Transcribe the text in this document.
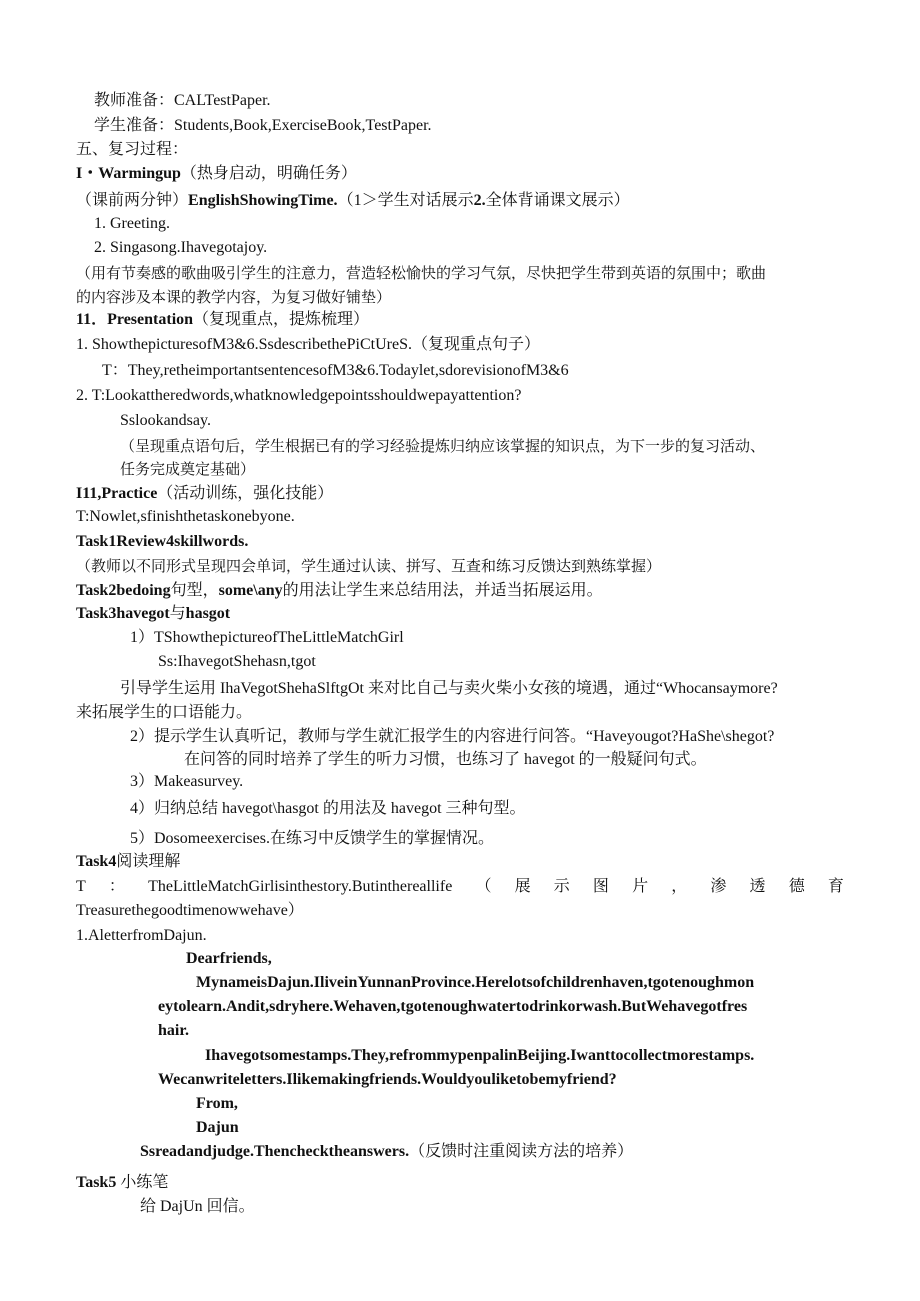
教师准备：CALTestPaper.
学生准备：Students,Book,ExerciseBook,TestPaper.
五、复习过程：
I・Warmingup（热身启动，明确任务）
（课前两分钟）EnglishShowingTime.（1＞学生对话展示2.全体背诵课文展示）
1. Greeting.
2. Singasong.Ihavegotajoy.
（用有节奏感的歌曲吸引学生的注意力，营造轻松愉快的学习气氛，尽快把学生带到英语的氛围中；歌曲
的内容涉及本课的教学内容，为复习做好铺垫）
11．Presentation（复现重点，提炼梳理）
1. ShowthepicturesofM3&6.SsdescribethePiCtUreS.（复现重点句子）
T：They,retheimportantsentencesofM3&6.Todaylet,sdorevisionofM3&6
2. T:Lookattheredwords,whatknowledgepointsshouldwepayattention?
Sslookandsay.
（呈现重点语句后，学生根据已有的学习经验提炼归纳应该掌握的知识点，为下一步的复习活动、
任务完成奠定基础）
I11,Practice（活动训练，强化技能）
T:Nowlet,sfinishthetaskonebyone.
Task1Review4skillwords.
（教师以不同形式呈现四会单词，学生通过认读、拼写、互查和练习反馈达到熟练掌握）
Task2bedoing句型，some\any的用法让学生来总结用法，并适当拓展运用。
Task3havegot与hasgot
1）TShowthepictureofTheLittleMatchGirl
Ss:IhavegotShehasn,tgot
引导学生运用 IhaVegotShehaSlftgOt 来对比自己与卖火柴小女孩的境遇，通过“Whocansaymore?
来拓展学生的口语能力。
2）提示学生认真听记，教师与学生就汇报学生的内容进行问答。“Haveyougot?HaShe\shegot?
在问答的同时培养了学生的听力习惯，也练习了 havegot 的一般疑问句式。
3）Makeasurvey.
4）归纳总结 havegot\hasgot 的用法及 havegot 三种句型。
5）Dosomeexercises.在练习中反馈学生的掌握情况。
Task4阅读理解
T ： TheLittleMatchGirlisinthestory.Butinthereallife （ 展 示 图 片 ， 渗 透 德 育
Treasurethegoodtimenowwehave）
1.AletterfromDajun.
Dearfriends,
MynameisDajun.IliveinYunnanProvince.Herelotsofchildrenhaven,tgotenoughmon
eytolearn.Andit,sdryhere.Wehaven,tgotenoughwatertodrinkorwash.ButWehavegotfres
hair.
Ihavegotsomestamps.They,refrommypenpalinBeijing.Iwanttocollectmorestamps.
Wecanwriteletters.Ilikemakingfriends.Wouldyouliketobemyfriend?
From,
Dajun
Ssreadandjudge.Thenchecktheanswers.（反馈时注重阅读方法的培养）
Task5 小练笔
给 DajUn 回信。
